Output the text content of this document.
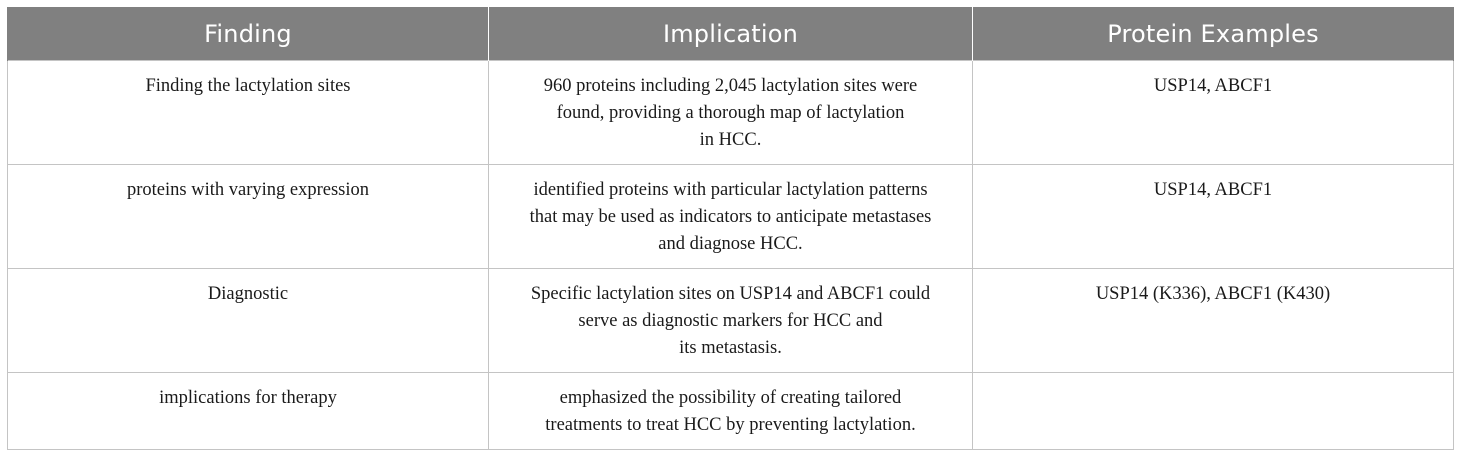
Finding	Implication	Protein Examples
Finding the lactylation sites	960 proteins including 2,045 lactylation sites were
found, providing a thorough map of lactylation
in HCC.	USP14, ABCF1
proteins with varying expression	identified proteins with particular lactylation patterns
that may be used as indicators to anticipate metastases
and diagnose HCC.	USP14, ABCF1
Diagnostic	Specific lactylation sites on USP14 and ABCF1 could
serve as diagnostic markers for HCC and
its metastasis.	USP14 (K336), ABCF1 (K430)
implications for therapy	emphasized the possibility of creating tailored
treatments to treat HCC by preventing lactylation.	
